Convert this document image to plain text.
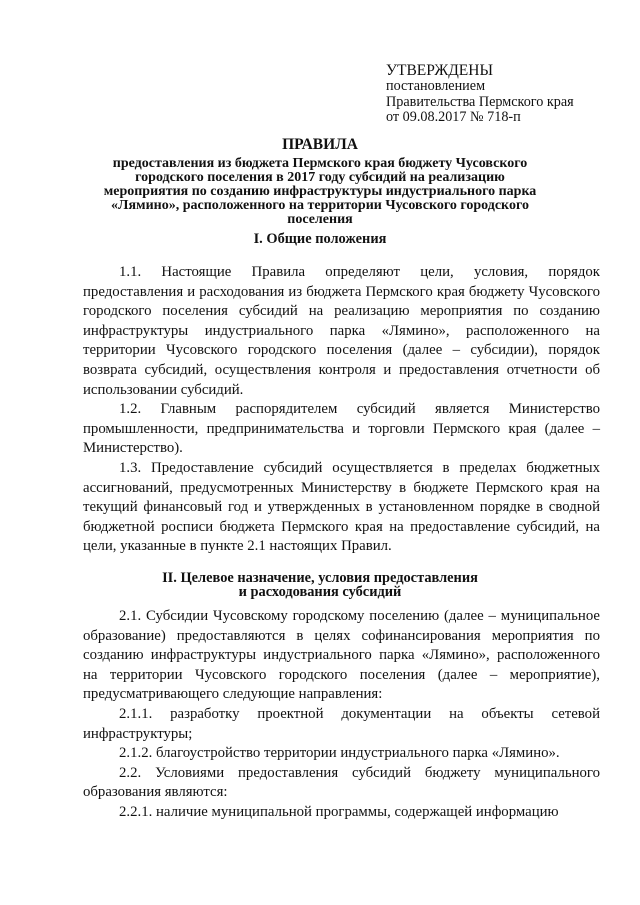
УТВЕРЖДЕНЫ
постановлением
Правительства Пермского края
от 09.08.2017 № 718-п
ПРАВИЛА
предоставления из бюджета Пермского края бюджету Чусовского городского поселения в 2017 году субсидий на реализацию мероприятия по созданию инфраструктуры индустриального парка «Лямино», расположенного на территории Чусовского городского поселения
I. Общие положения

1.1. Настоящие Правила определяют цели, условия, порядок предоставления и расходования из бюджета Пермского края бюджету Чусовского городского поселения субсидий на реализацию мероприятия по созданию инфраструктуры индустриального парка «Лямино», расположенного на территории Чусовского городского поселения (далее – субсидии), порядок возврата субсидий, осуществления контроля и предоставления отчетности об использовании субсидий.

1.2. Главным распорядителем субсидий является Министерство промышленности, предпринимательства и торговли Пермского края (далее – Министерство).

1.3. Предоставление субсидий осуществляется в пределах бюджетных ассигнований, предусмотренных Министерству в бюджете Пермского края на текущий финансовый год и утвержденных в установленном порядке в сводной бюджетной росписи бюджета Пермского края на предоставление субсидий, на цели, указанные в пункте 2.1 настоящих Правил.

II. Целевое назначение, условия предоставления
и расходования субсидий

2.1. Субсидии Чусовскому городскому поселению (далее – муниципальное образование) предоставляются в целях софинансирования мероприятия по созданию инфраструктуры индустриального парка «Лямино», расположенного на территории Чусовского городского поселения (далее – мероприятие), предусматривающего следующие направления:

2.1.1. разработку проектной документации на объекты сетевой инфраструктуры;

2.1.2. благоустройство территории индустриального парка «Лямино».

2.2. Условиями предоставления субсидий бюджету муниципального образования являются:

2.2.1. наличие муниципальной программы, содержащей информацию
